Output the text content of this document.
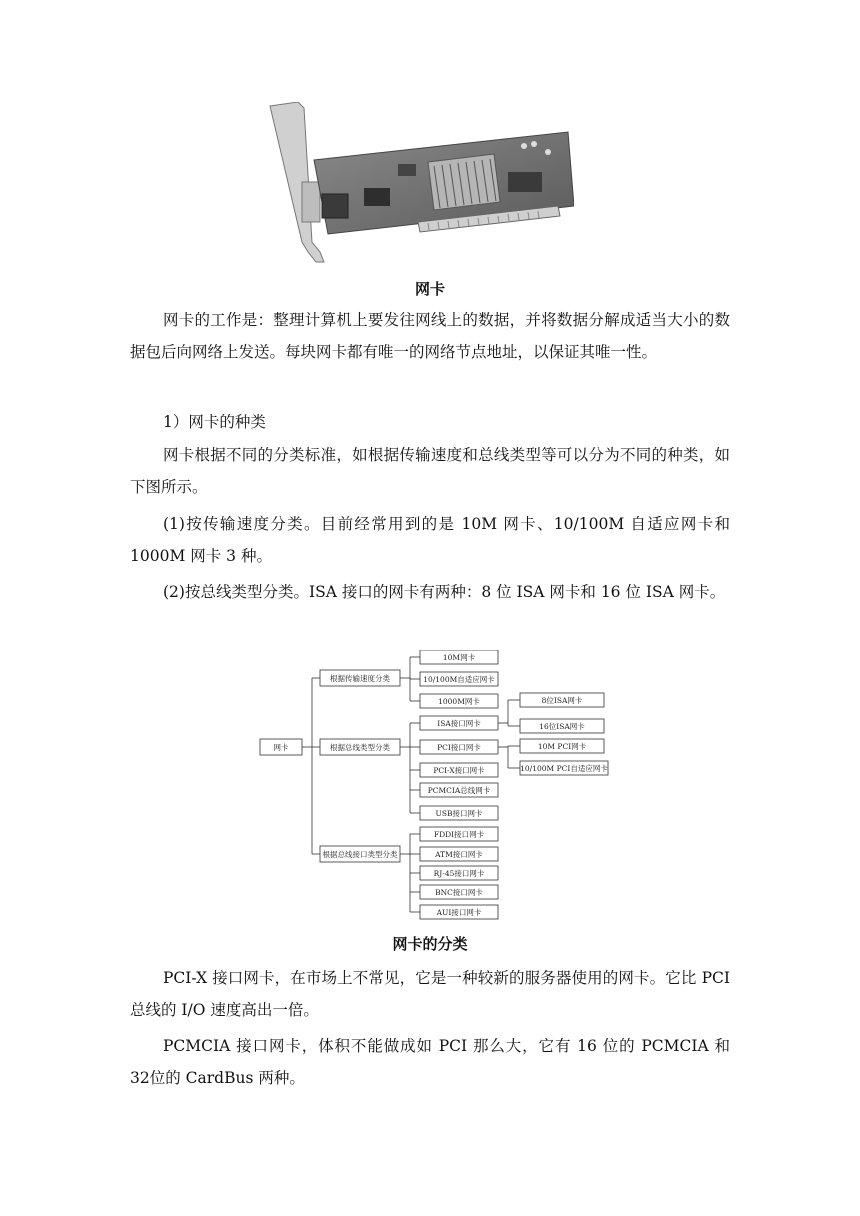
网卡

网卡的工作是：整理计算机上要发往网线上的数据，并将数据分解成适当大小的数据包后向网络上发送。每块网卡都有唯一的网络节点地址，以保证其唯一性。

1）网卡的种类

网卡根据不同的分类标准，如根据传输速度和总线类型等可以分为不同的种类，如下图所示。

(1)按传输速度分类。目前经常用到的是 10M 网卡、10/100M 自适应网卡和1000M 网卡 3 种。

(2)按总线类型分类。ISA 接口的网卡有两种：8 位 ISA 网卡和 16 位 ISA 网卡。

网卡
根据传输速度分类
根据总线类型分类
根据总线接口类型分类
10M网卡
10/100M自适应网卡
1000M网卡
ISA接口网卡
PCI接口网卡
PCI-X接口网卡
PCMCIA总线网卡
USB接口网卡
8位ISA网卡
16位ISA网卡
10M PCI网卡
10/100M PCI自适应网卡
FDDI接口网卡
ATM接口网卡
RJ-45接口网卡
BNC接口网卡
AUI接口网卡
网卡的分类

PCI-X 接口网卡，在市场上不常见，它是一种较新的服务器使用的网卡。它比 PCI 总线的 I/O 速度高出一倍。

PCMCIA 接口网卡，体积不能做成如 PCI 那么大，它有 16 位的 PCMCIA 和 32位的 CardBus 两种。
